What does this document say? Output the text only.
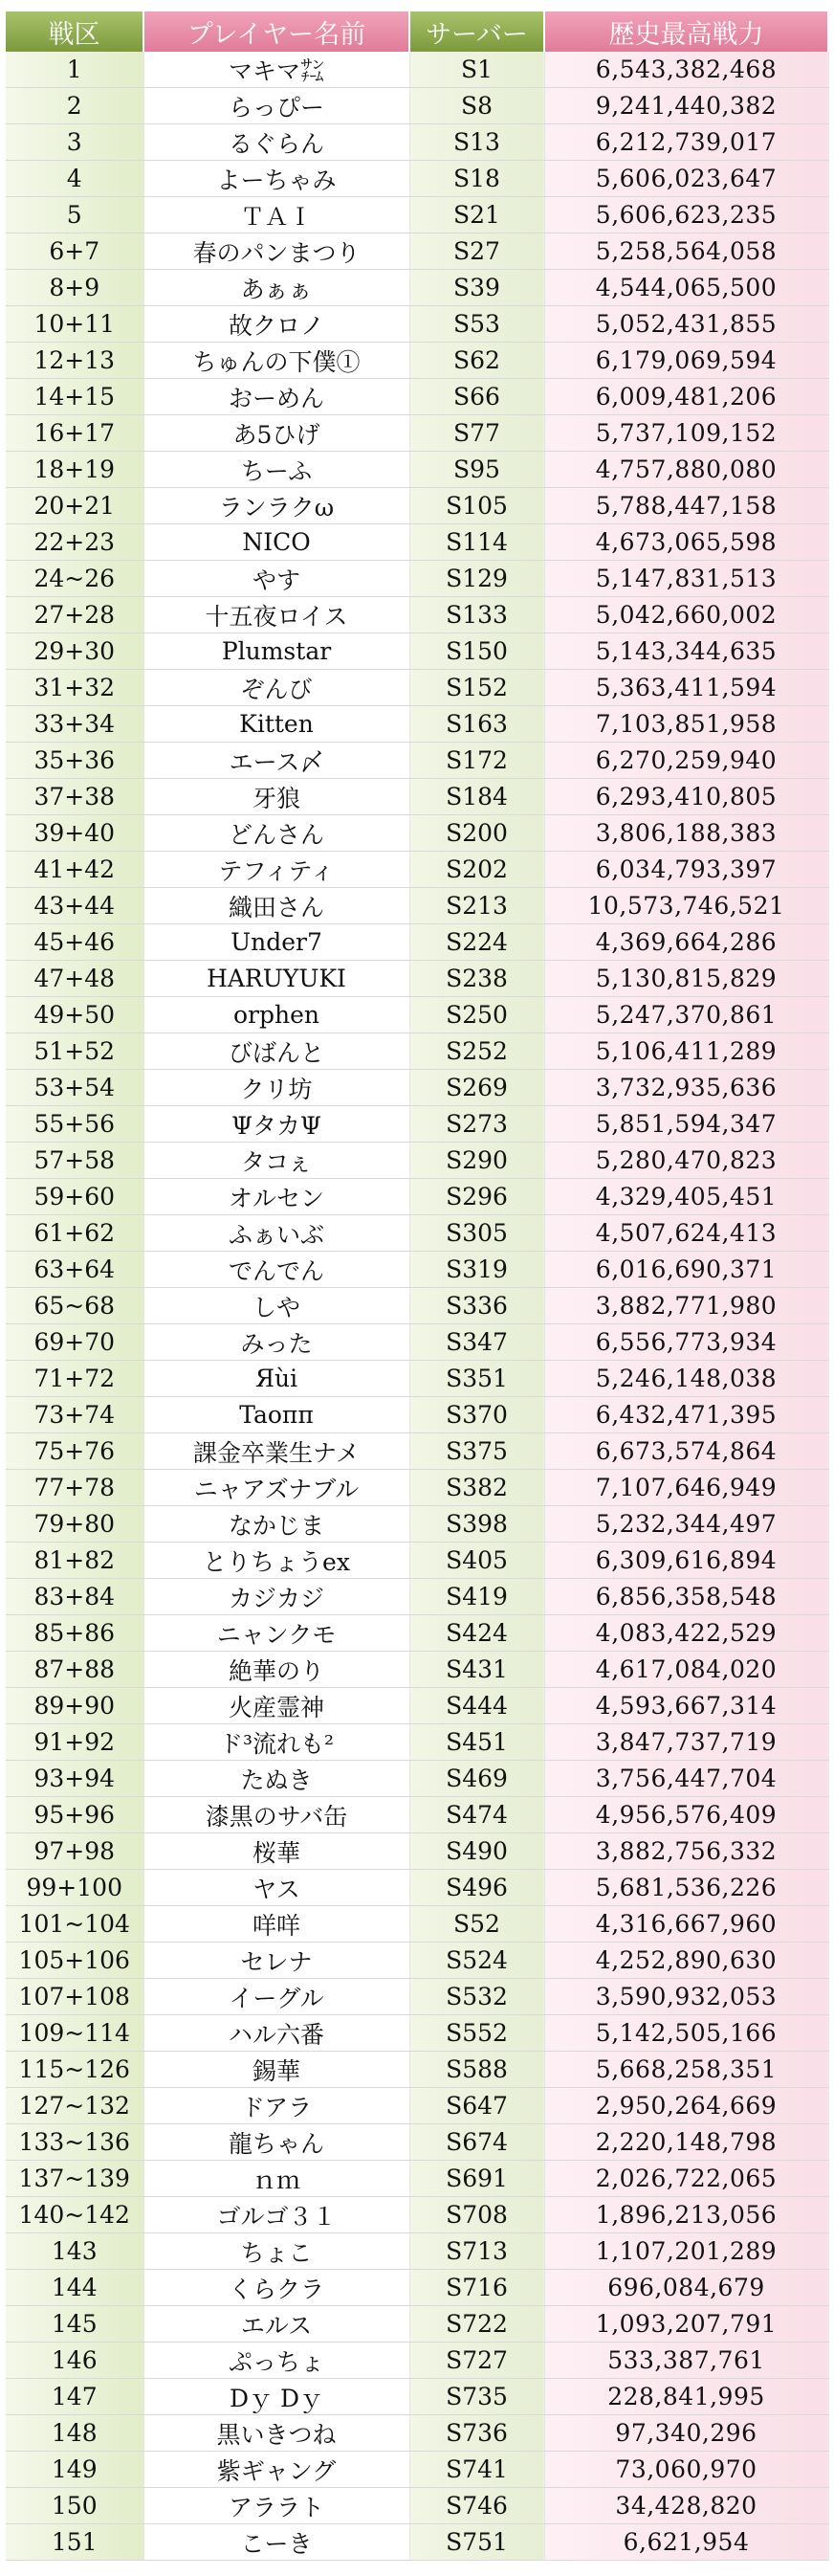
戦区	プレイヤー名前	サーバー	歴史最高戦力
1	マキマ㌠	S1	6,543,382,468
2	らっぴー	S8	9,241,440,382
3	るぐらん	S13	6,212,739,017
4	よーちゃみ	S18	5,606,023,647
5	ＴＡＩ	S21	5,606,623,235
6+7	春のパンまつり	S27	5,258,564,058
8+9	あぁぁ	S39	4,544,065,500
10+11	故クロノ	S53	5,052,431,855
12+13	ちゅんの下僕①	S62	6,179,069,594
14+15	おーめん	S66	6,009,481,206
16+17	あ5ひげ	S77	5,737,109,152
18+19	ちーふ	S95	4,757,880,080
20+21	ランラクω	S105	5,788,447,158
22+23	NICO	S114	4,673,065,598
24~26	やす	S129	5,147,831,513
27+28	十五夜ロイス	S133	5,042,660,002
29+30	Plumstar	S150	5,143,344,635
31+32	ぞんび	S152	5,363,411,594
33+34	Kitten	S163	7,103,851,958
35+36	エース〆	S172	6,270,259,940
37+38	牙狼	S184	6,293,410,805
39+40	どんさん	S200	3,806,188,383
41+42	テフィティ	S202	6,034,793,397
43+44	織田さん	S213	10,573,746,521
45+46	Under7	S224	4,369,664,286
47+48	HARUYUKI	S238	5,130,815,829
49+50	orphen	S250	5,247,370,861
51+52	びばんと	S252	5,106,411,289
53+54	クリ坊	S269	3,732,935,636
55+56	ΨタカΨ	S273	5,851,594,347
57+58	タコぇ	S290	5,280,470,823
59+60	オルセン	S296	4,329,405,451
61+62	ふぁいぶ	S305	4,507,624,413
63+64	でんでん	S319	6,016,690,371
65~68	しや	S336	3,882,771,980
69+70	みった	S347	6,556,773,934
71+72	Яùi	S351	5,246,148,038
73+74	Taoππ	S370	6,432,471,395
75+76	課金卒業生ナメ	S375	6,673,574,864
77+78	ニャアズナブル	S382	7,107,646,949
79+80	なかじま	S398	5,232,344,497
81+82	とりちょうex	S405	6,309,616,894
83+84	カジカジ	S419	6,856,358,548
85+86	ニャンクモ	S424	4,083,422,529
87+88	絶華のり	S431	4,617,084,020
89+90	火産霊神	S444	4,593,667,314
91+92	ド³流れも²	S451	3,847,737,719
93+94	たぬき	S469	3,756,447,704
95+96	漆黒のサバ缶	S474	4,956,576,409
97+98	桜華	S490	3,882,756,332
99+100	ヤス	S496	5,681,536,226
101~104	咩咩	S52	4,316,667,960
105+106	セレナ	S524	4,252,890,630
107+108	イーグル	S532	3,590,932,053
109~114	ハル六番	S552	5,142,505,166
115~126	錫華	S588	5,668,258,351
127~132	ドアラ	S647	2,950,264,669
133~136	龍ちゃん	S674	2,220,148,798
137~139	ｎｍ	S691	2,026,722,065
140~142	ゴルゴ３１	S708	1,896,213,056
143	ちょこ	S713	1,107,201,289
144	くらクラ	S716	696,084,679
145	エルス	S722	1,093,207,791
146	ぷっちょ	S727	533,387,761
147	Dｙ Dｙ	S735	228,841,995
148	黒いきつね	S736	97,340,296
149	紫ギャング	S741	73,060,970
150	アララト	S746	34,428,820
151	こーき	S751	6,621,954
